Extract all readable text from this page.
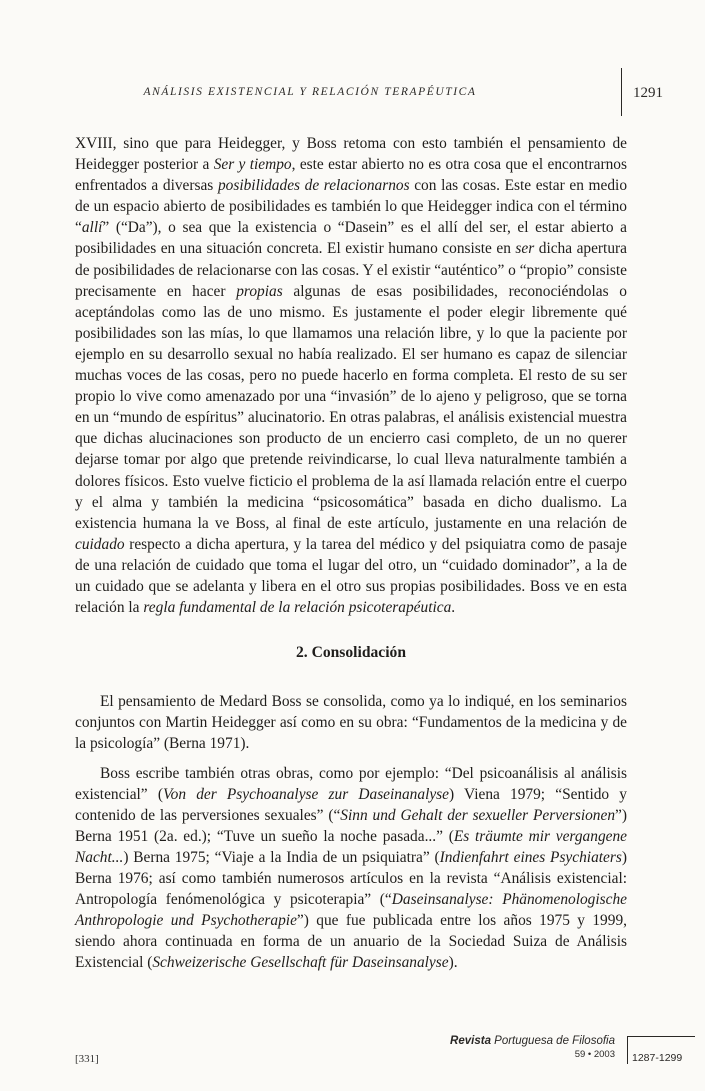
ANÁLISIS EXISTENCIAL Y RELACIÓN TERAPÉUTICA	1291

XVIII, sino que para Heidegger, y Boss retoma con esto también el pensamiento de Heidegger posterior a Ser y tiempo, este estar abierto no es otra cosa que el encontrarnos enfrentados a diversas posibilidades de relacionarnos con las cosas. Este estar en medio de un espacio abierto de posibilidades es también lo que Heidegger indica con el término “allí” (“Da”), o sea que la existencia o “Dasein” es el allí del ser, el estar abierto a posibilidades en una situación concreta. El existir humano consiste en ser dicha apertura de posibilidades de relacionarse con las cosas. Y el existir “auténtico” o “propio” consiste precisamente en hacer propias algunas de esas posibilidades, reconociéndolas o aceptándolas como las de uno mismo. Es justamente el poder elegir libremente qué posibilidades son las mías, lo que llamamos una relación libre, y lo que la paciente por ejemplo en su desarrollo sexual no había realizado. El ser humano es capaz de silenciar muchas voces de las cosas, pero no puede hacerlo en forma completa. El resto de su ser propio lo vive como amenazado por una “invasión” de lo ajeno y peligroso, que se torna en un “mundo de espíritus” alucinatorio. En otras palabras, el análisis existencial muestra que dichas alucinaciones son producto de un encierro casi completo, de un no querer dejarse tomar por algo que pretende reivindicarse, lo cual lleva naturalmente también a dolores físicos. Esto vuelve ficticio el problema de la así llamada relación entre el cuerpo y el alma y también la medicina “psicosomática” basada en dicho dualismo. La existencia humana la ve Boss, al final de este artículo, justamente en una relación de cuidado respecto a dicha apertura, y la tarea del médico y del psiquiatra como de pasaje de una relación de cuidado que toma el lugar del otro, un “cuidado dominador”, a la de un cuidado que se adelanta y libera en el otro sus propias posibilidades. Boss ve en esta relación la regla fundamental de la relación psicoterapéutica.

2. Consolidación

El pensamiento de Medard Boss se consolida, como ya lo indiqué, en los seminarios conjuntos con Martin Heidegger así como en su obra: “Fundamentos de la medicina y de la psicología” (Berna 1971).

Boss escribe también otras obras, como por ejemplo: “Del psicoanálisis al análisis existencial” (Von der Psychoanalyse zur Daseinanalyse) Viena 1979; “Sentido y contenido de las perversiones sexuales” (“Sinn und Gehalt der sexueller Perversionen”) Berna 1951 (2a. ed.); “Tuve un sueño la noche pasada...” (Es träumte mir vergangene Nacht...) Berna 1975; “Viaje a la India de un psiquiatra” (Indienfahrt eines Psychiaters) Berna 1976; así como también numerosos artículos en la revista “Análisis existencial: Antropología fenómenológica y psicoterapia” (“Daseinsanalyse: Phänomenologische Anthropologie und Psychotherapie”) que fue publicada entre los años 1975 y 1999, siendo ahora continuada en forma de un anuario de la Sociedad Suiza de Análisis Existencial (Schweizerische Gesellschaft für Daseinsanalyse).

[331]
Revista Portuguesa de Filosofia
59 • 2003 1287-1299
